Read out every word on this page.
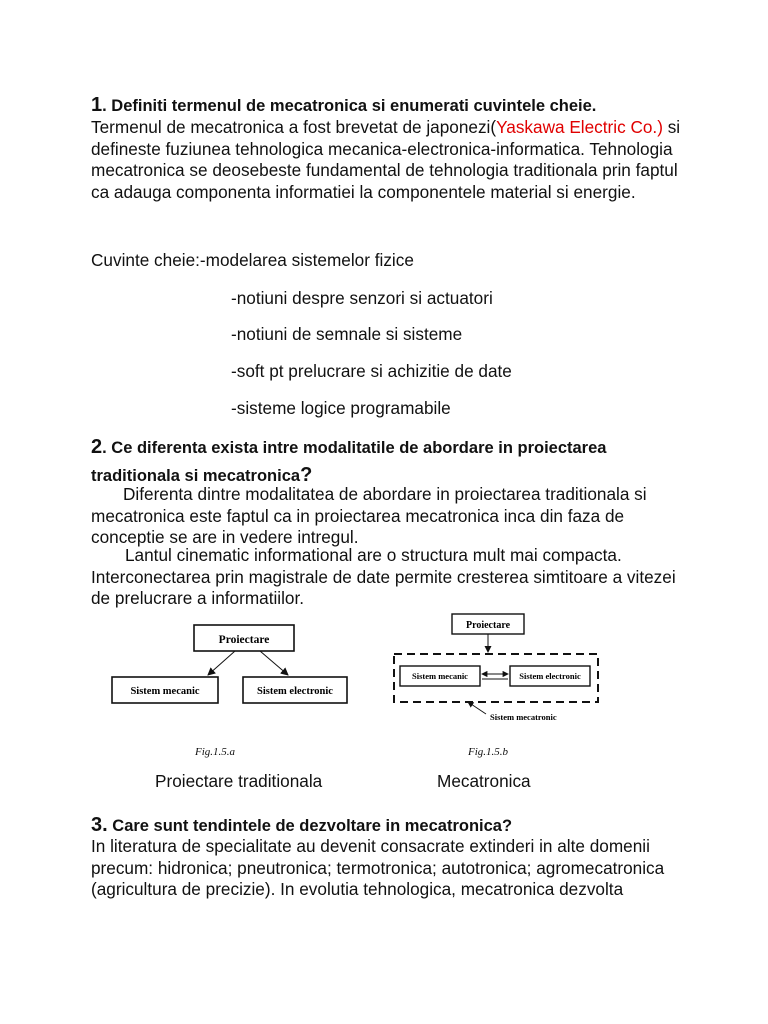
1. Definiti termenul de mecatronica si enumerati cuvintele cheie.
Termenul de mecatronica a fost brevetat de japonezi(Yaskawa Electric Co.) si defineste fuziunea tehnologica mecanica-electronica-informatica. Tehnologia mecatronica se deosebeste fundamental de tehnologia traditionala prin faptul ca adauga componenta informatiei la componentele material si energie.
Cuvinte cheie:-modelarea sistemelor fizice
-notiuni despre senzori si actuatori
-notiuni de semnale si sisteme
-soft pt prelucrare si achizitie de date
-sisteme logice programabile
2. Ce diferenta exista intre modalitatile de abordare in proiectarea
traditionala si mecatronica?
Diferenta dintre modalitatea de abordare in proiectarea traditionala si mecatronica este faptul ca in proiectarea mecatronica inca din faza de conceptie se are in vedere intregul.
Lantul cinematic informational are o structura mult mai compacta. Interconectarea prin magistrale de date permite cresterea simtitoare a vitezei de prelucrare a informatiilor.
Proiectare
Sistem mecanic	Sistem electronic
Proiectare
Sistem mecanic	Sistem electronic
Sistem mecatronic
Fig.1.5.a	Fig.1.5.b
Proiectare traditionala	Mecatronica
3. Care sunt tendintele de dezvoltare in mecatronica?
In literatura de specialitate au devenit consacrate extinderi in alte domenii precum: hidronica; pneutronica; termotronica; autotronica; agromecatronica (agricultura de precizie). In evolutia tehnologica, mecatronica dezvolta
